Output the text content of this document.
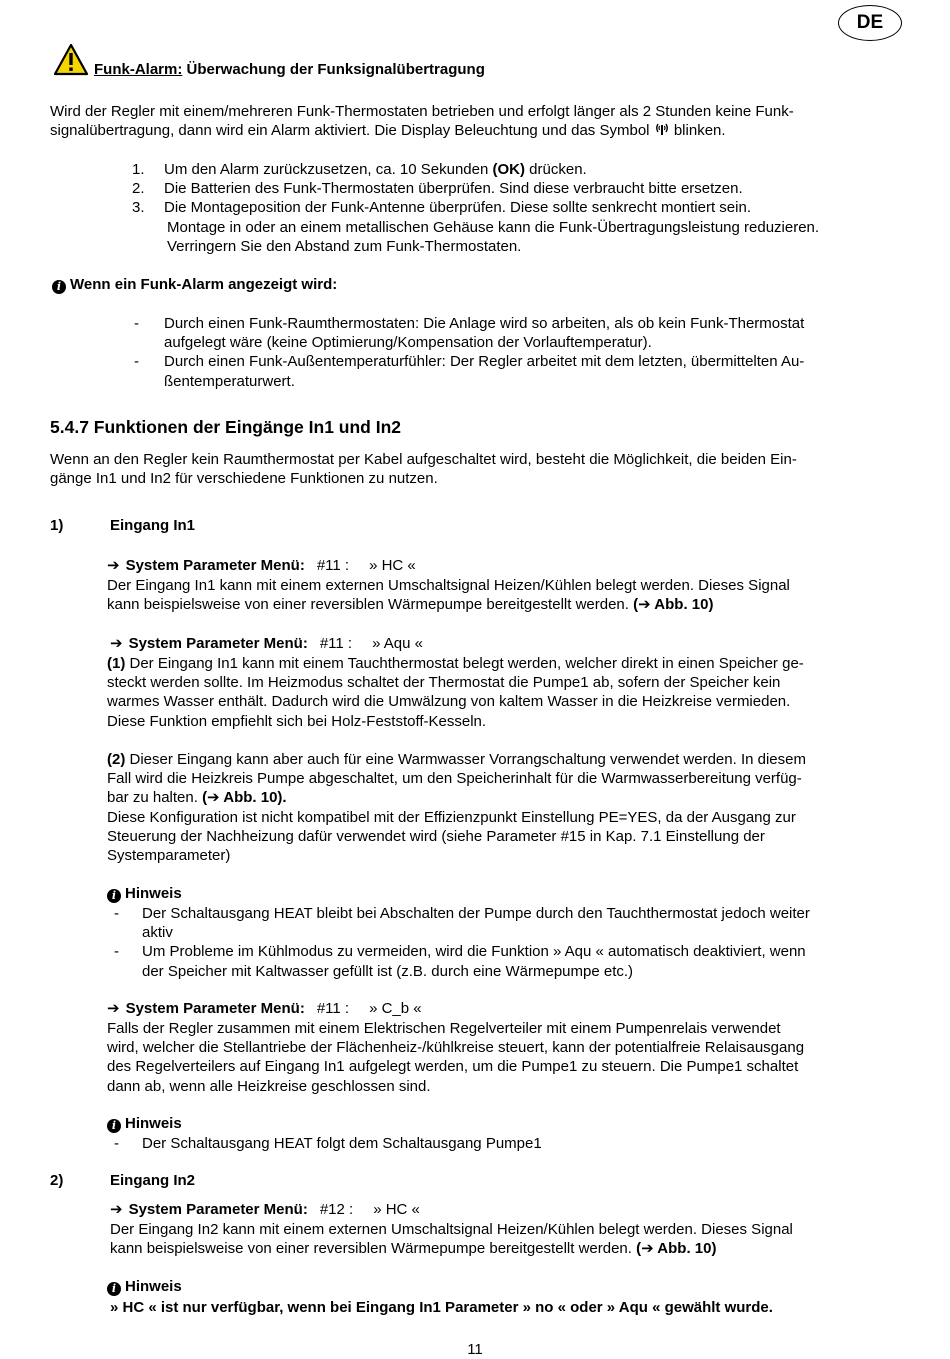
DE
Funk-Alarm: Überwachung der Funksignalübertragung
Wird der Regler mit einem/mehreren Funk-Thermostaten betrieben und erfolgt länger als 2 Stunden keine Funk-
signalübertragung, dann wird ein Alarm aktiviert. Die Display Beleuchtung und das Symbol  blinken.
1.	Um den Alarm zurückzusetzen, ca. 10 Sekunden (OK) drücken.
2.	Die Batterien des Funk-Thermostaten überprüfen. Sind diese verbraucht bitte ersetzen.
3.	Die Montageposition der Funk-Antenne überprüfen. Diese sollte senkrecht montiert sein.
Montage in oder an einem metallischen Gehäuse kann die Funk-Übertragungsleistung reduzieren.
Verringern Sie den Abstand zum Funk-Thermostaten.
i Wenn ein Funk-Alarm angezeigt wird:
- Durch einen Funk-Raumthermostaten: Die Anlage wird so arbeiten, als ob kein Funk-Thermostat
aufgelegt wäre (keine Optimierung/Kompensation der Vorlauftemperatur).
- Durch einen Funk-Außentemperaturfühler: Der Regler arbeitet mit dem letzten, übermittelten Au-
ßentemperaturwert.
5.4.7 Funktionen der Eingänge In1 und In2
Wenn an den Regler kein Raumthermostat per Kabel aufgeschaltet wird, besteht die Möglichkeit, die beiden Ein-
gänge In1 und In2 für verschiedene Funktionen zu nutzen.
1)	Eingang In1
➔ System Parameter Menü: #11 : » HC «
Der Eingang In1 kann mit einem externen Umschaltsignal Heizen/Kühlen belegt werden. Dieses Signal
kann beispielsweise von einer reversiblen Wärmepumpe bereitgestellt werden. (➔ Abb. 10)
➔ System Parameter Menü: #11 : » Aqu «
(1) Der Eingang In1 kann mit einem Tauchthermostat belegt werden, welcher direkt in einen Speicher ge-
steckt werden sollte. Im Heizmodus schaltet der Thermostat die Pumpe1 ab, sofern der Speicher kein
warmes Wasser enthält. Dadurch wird die Umwälzung von kaltem Wasser in die Heizkreise vermieden.
Diese Funktion empfiehlt sich bei Holz-Feststoff-Kesseln.
(2) Dieser Eingang kann aber auch für eine Warmwasser Vorrangschaltung verwendet werden. In diesem
Fall wird die Heizkreis Pumpe abgeschaltet, um den Speicherinhalt für die Warmwasserbereitung verfüg-
bar zu halten. (➔ Abb. 10).
Diese Konfiguration ist nicht kompatibel mit der Effizienzpunkt Einstellung PE=YES, da der Ausgang zur
Steuerung der Nachheizung dafür verwendet wird (siehe Parameter #15 in Kap. 7.1 Einstellung der
Systemparameter)
i Hinweis
- Der Schaltausgang HEAT bleibt bei Abschalten der Pumpe durch den Tauchthermostat jedoch weiter
aktiv
- Um Probleme im Kühlmodus zu vermeiden, wird die Funktion » Aqu « automatisch deaktiviert, wenn
der Speicher mit Kaltwasser gefüllt ist (z.B. durch eine Wärmepumpe etc.)
➔ System Parameter Menü: #11 : » C_b «
Falls der Regler zusammen mit einem Elektrischen Regelverteiler mit einem Pumpenrelais verwendet
wird, welcher die Stellantriebe der Flächenheiz-/kühlkreise steuert, kann der potentialfreie Relaisausgang
des Regelverteilers auf Eingang In1 aufgelegt werden, um die Pumpe1 zu steuern. Die Pumpe1 schaltet
dann ab, wenn alle Heizkreise geschlossen sind.
i Hinweis
- Der Schaltausgang HEAT folgt dem Schaltausgang Pumpe1
2)	Eingang In2
➔ System Parameter Menü: #12 : » HC «
Der Eingang In2 kann mit einem externen Umschaltsignal Heizen/Kühlen belegt werden. Dieses Signal
kann beispielsweise von einer reversiblen Wärmepumpe bereitgestellt werden. (➔ Abb. 10)
i Hinweis
» HC « ist nur verfügbar, wenn bei Eingang In1 Parameter » no « oder » Aqu « gewählt wurde.
11
